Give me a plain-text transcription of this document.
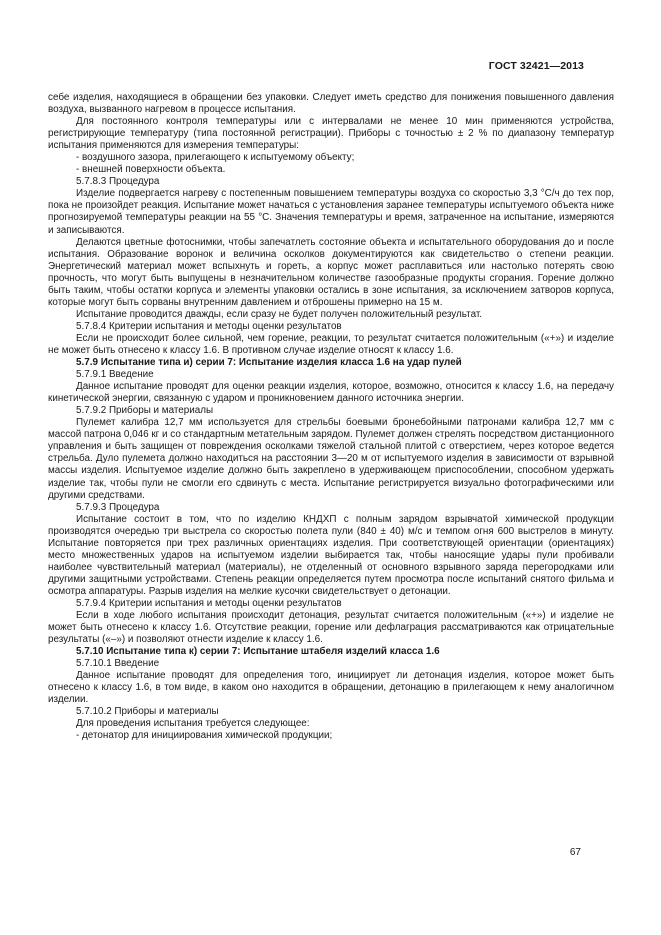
ГОСТ 32421—2013

себе изделия, находящиеся в обращении без упаковки. Следует иметь средство для понижения повышенного давления воздуха, вызванного нагревом в процессе испытания.

Для постоянного контроля температуры или с интервалами не менее 10 мин применяются устройства, регистрирующие температуру (типа постоянной регистрации). Приборы с точностью ± 2 % по диапазону температур испытания применяются для измерения температуры:

- воздушного зазора, прилегающего к испытуемому объекту;

- внешней поверхности объекта.

5.7.8.3 Процедура

Изделие подвергается нагреву с постепенным повышением температуры воздуха со скоростью 3,3 °С/ч до тех пор, пока не произойдет реакция. Испытание может начаться с установления заранее температуры испытуемого объекта ниже прогнозируемой температуры реакции на 55 °С. Значения температуры и время, затраченное на испытание, измеряются и записываются.

Делаются цветные фотоснимки, чтобы запечатлеть состояние объекта и испытательного оборудования до и после испытания. Образование воронок и величина осколков документируются как свидетельство о степени реакции. Энергетический материал может вспыхнуть и гореть, а корпус может расплавиться или настолько потерять свою прочность, что могут быть выпущены в незначительном количестве газообразные продукты сгорания. Горение должно быть таким, чтобы остатки корпуса и элементы упаковки остались в зоне испытания, за исключением затворов корпуса, которые могут быть сорваны внутренним давлением и отброшены примерно на 15 м.

Испытание проводится дважды, если сразу не будет получен положительный результат.

5.7.8.4 Критерии испытания и методы оценки результатов

Если не происходит более сильной, чем горение, реакции, то результат считается положительным («+») и изделие не может быть отнесено к классу 1.6. В противном случае изделие относят к классу 1.6.

5.7.9 Испытание типа и) серии 7: Испытание изделия класса 1.6 на удар пулей

5.7.9.1 Введение

Данное испытание проводят для оценки реакции изделия, которое, возможно, относится к классу 1.6, на передачу кинетической энергии, связанную с ударом и проникновением данного источника энергии.

5.7.9.2 Приборы и материалы

Пулемет калибра 12,7 мм используется для стрельбы боевыми бронебойными патронами калибра 12,7 мм с массой патрона 0,046 кг и со стандартным метательным зарядом. Пулемет должен стрелять посредством дистанционного управления и быть защищен от повреждения осколками тяжелой стальной плитой с отверстием, через которое ведется стрельба. Дуло пулемета должно находиться на расстоянии 3—20 м от испытуемого изделия в зависимости от взрывной массы изделия. Испытуемое изделие должно быть закреплено в удерживающем приспособлении, способном удержать изделие так, чтобы пули не смогли его сдвинуть с места. Испытание регистрируется визуально фотографическими или другими средствами.

5.7.9.3 Процедура

Испытание состоит в том, что по изделию КНДХП с полным зарядом взрывчатой химической продукции производятся очередью три выстрела со скоростью полета пули (840 ± 40) м/с и темпом огня 600 выстрелов в минуту. Испытание повторяется при трех различных ориентациях изделия. При соответствующей ориентации (ориентациях) место множественных ударов на испытуемом изделии выбирается так, чтобы наносящие удары пули пробивали наиболее чувствительный материал (материалы), не отделенный от основного взрывного заряда перегородками или другими защитными устройствами. Степень реакции определяется путем просмотра после испытаний снятого фильма и осмотра аппаратуры. Разрыв изделия на мелкие кусочки свидетельствует о детонации.

5.7.9.4 Критерии испытания и методы оценки результатов

Если в ходе любого испытания происходит детонация, результат считается положительным («+») и изделие не может быть отнесено к классу 1.6. Отсутствие реакции, горение или дефлаграция рассматриваются как отрицательные результаты («–») и позволяют отнести изделие к классу 1.6.

5.7.10 Испытание типа к) серии 7: Испытание штабеля изделий класса 1.6

5.7.10.1 Введение

Данное испытание проводят для определения того, инициирует ли детонация изделия, которое может быть отнесено к классу 1.6, в том виде, в каком оно находится в обращении, детонацию в прилегающем к нему аналогичном изделии.

5.7.10.2 Приборы и материалы

Для проведения испытания требуется следующее:

- детонатор для инициирования химической продукции;

67
